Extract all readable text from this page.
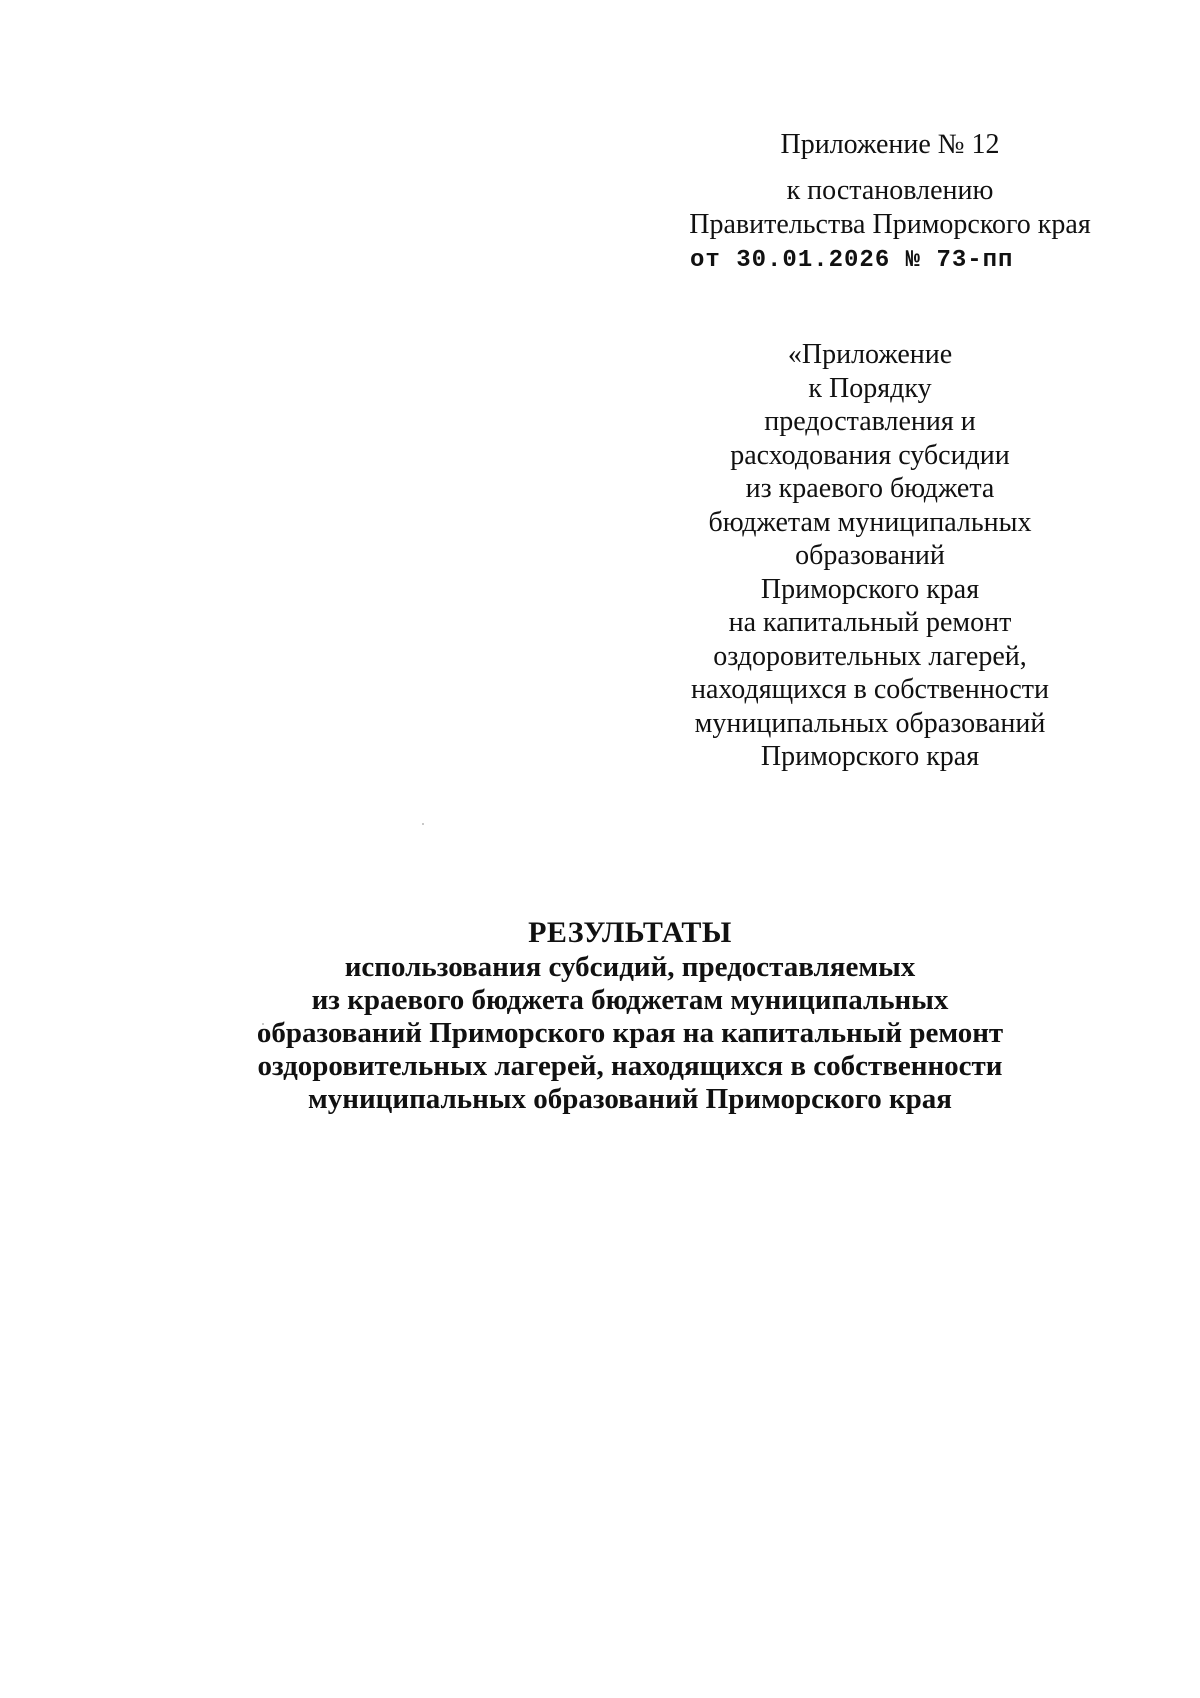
Приложение № 12
к постановлению
Правительства Приморского края
от 30.01.2026 № 73-пп
«Приложение
к Порядку
предоставления и
расходования субсидии
из краевого бюджета
бюджетам муниципальных
образований
Приморского края
на капитальный ремонт
оздоровительных лагерей,
находящихся в собственности
муниципальных образований
Приморского края
РЕЗУЛЬТАТЫ
использования субсидий, предоставляемых
из краевого бюджета бюджетам муниципальных
образований Приморского края на капитальный ремонт
оздоровительных лагерей, находящихся в собственности
муниципальных образований Приморского края
